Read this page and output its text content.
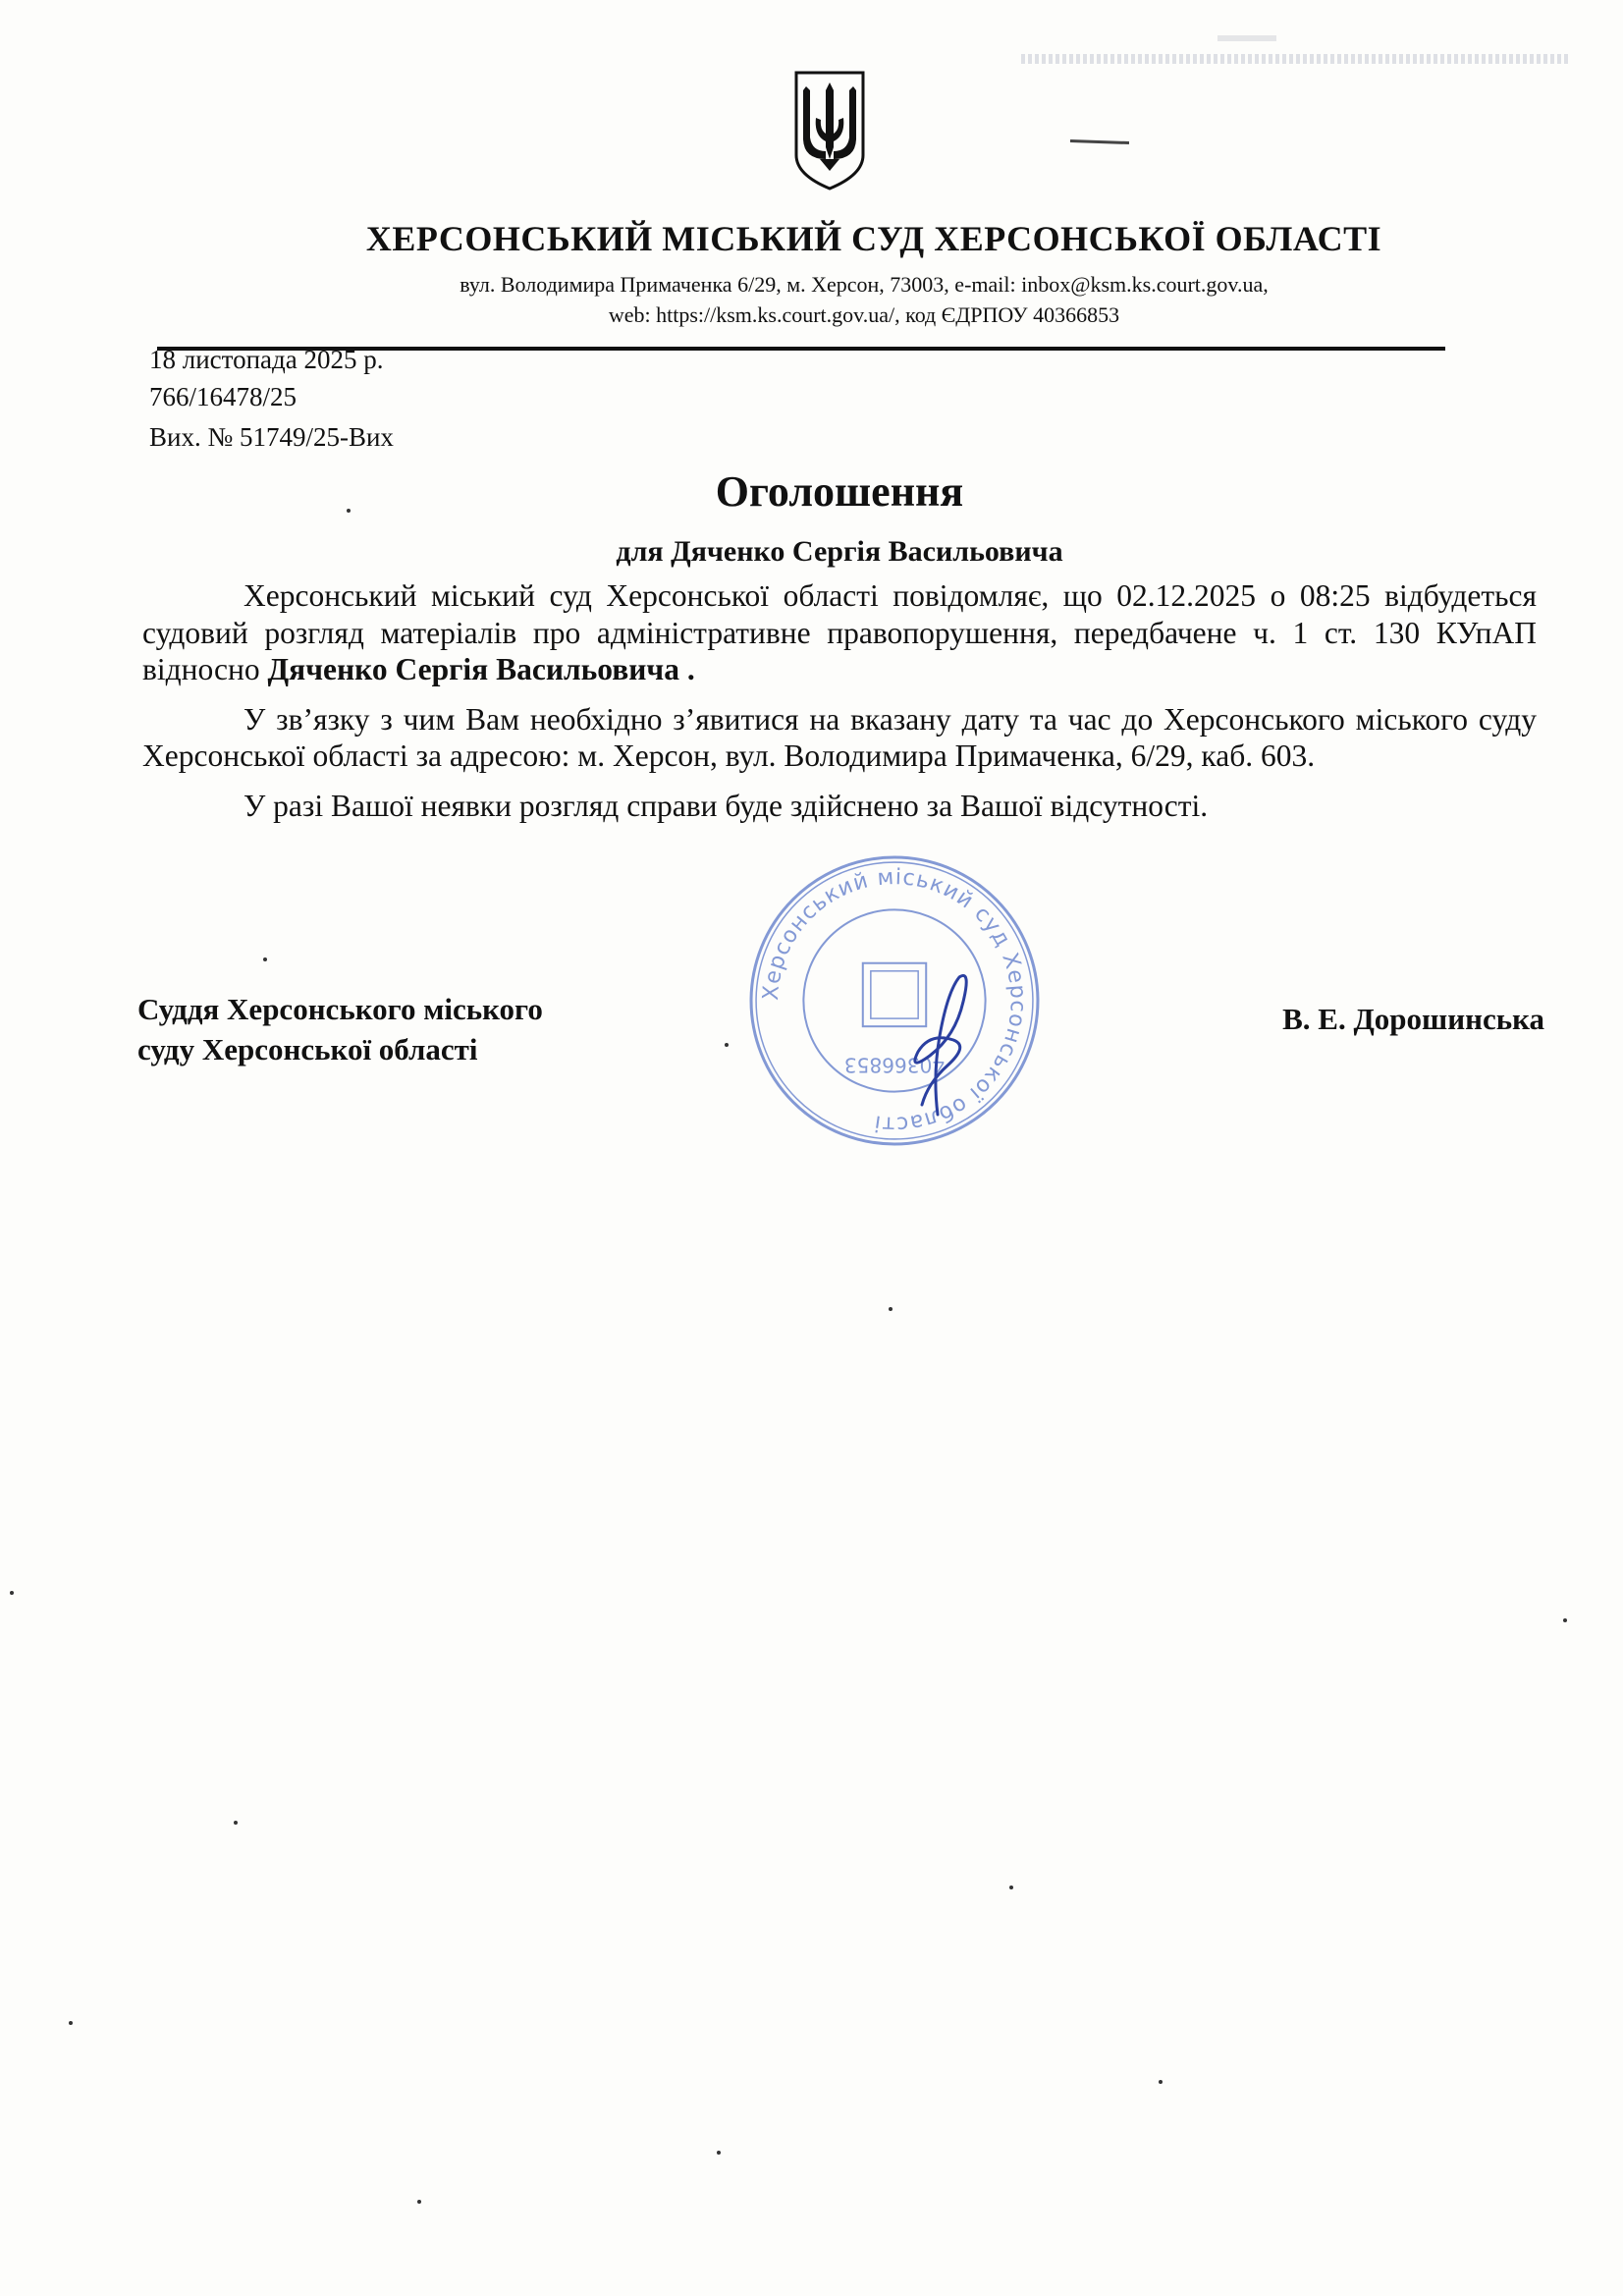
ХЕРСОНСЬКИЙ МІСЬКИЙ СУД ХЕРСОНСЬКОЇ ОБЛАСТІ
вул. Володимира Примаченка 6/29, м. Херсон, 73003, e-mail: inbox@ksm.ks.court.gov.ua,
web: https://ksm.ks.court.gov.ua/, код ЄДРПОУ 40366853
18 листопада 2025 р.
766/16478/25
Вих. № 51749/25-Вих
Оголошення
для Дяченко Сергія Васильовича

Херсонський міський суд Херсонської області повідомляє, що 02.12.2025 о 08:25 відбудеться судовий розгляд матеріалів про адміністративне правопорушення, передбачене ч. 1 ст. 130 КУпАП відносно Дяченко Сергія Васильовича .

У зв’язку з чим Вам необхідно з’явитися на вказану дату та час до Херсонського міського суду Херсонської області за адресою: м. Херсон, вул. Володимира Примаченка, 6/29, каб. 603.

У разі Вашої неявки розгляд справи буде здійснено за Вашої відсутності.

Суддя Херсонського міського
суду Херсонської області
В. Е. Дорошинська
Херсонський міський суд Херсонської області
40366853
